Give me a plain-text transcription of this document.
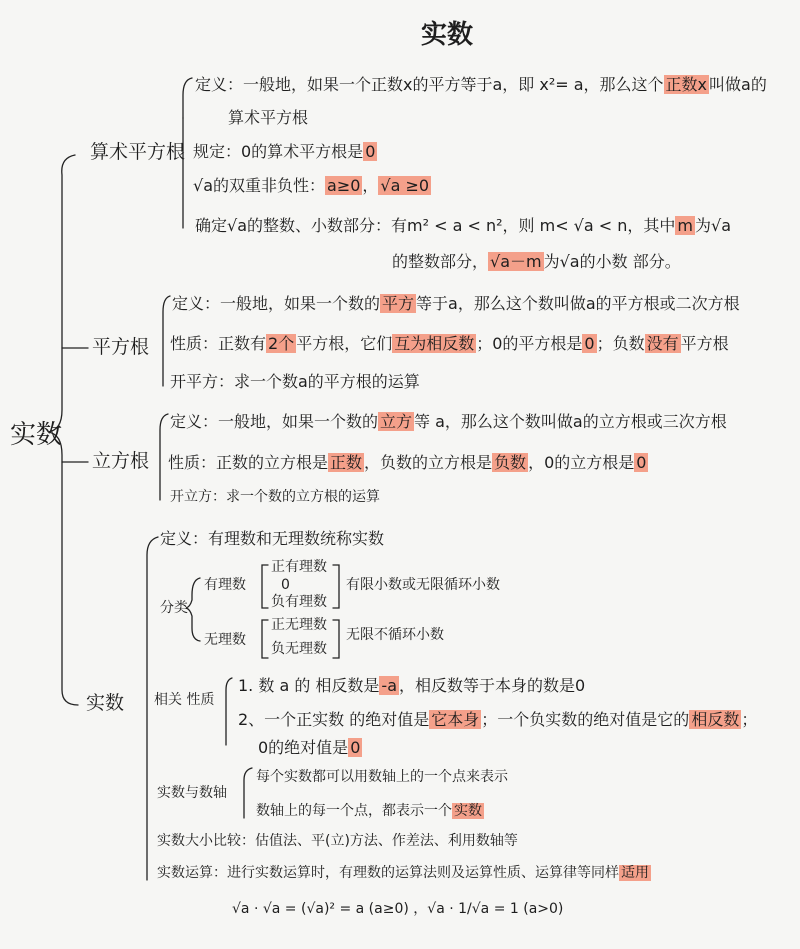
实数
实数
算术平方根
定义：一般地，如果一个正数x的平方等于a，即 x²= a，那么这个 正数x 叫做a的
算术平方根
规定：0的算术平方根是 0
√a的双重非负性： a≥0 ， √a ≥0
确定√a的整数、小数部分：有m² < a < n²，则 m< √a < n，其中 m 为√a
的整数部分， √a－m 为√a的小数 部分。
平方根
定义：一般地，如果一个数的 平方 等于a，那么这个数叫做a的平方根或二次方根
性质：正数有 2个 平方根，它们 互为相反数 ；0的平方根是 0 ；负数 没有 平方根
开平方：求一个数a的平方根的运算
立方根
定义：一般地，如果一个数的 立方 等 a，那么这个数叫做a的立方根或三次方根
性质：正数的立方根是 正数 ，负数的立方根是 负数 ，0的立方根是 0
开立方：求一个数的立方根的运算
实数
定义：有理数和无理数统称实数
分类
有理数
正有理数
0
负有理数
有限小数或无限循环小数
无理数
正无理数
负无理数
无限不循环小数
相关 性质
1. 数 a 的 相反数是 -a ，相反数等于本身的数是0
2、一个正实数 的绝对值是 它本身 ；一个负实数的绝对值是它的 相反数 ；
0的绝对值是 0
实数与数轴
每个实数都可以用数轴上的一个点来表示
数轴上的每一个点，都表示一个 实数
实数大小比较：估值法、平(立)方法、作差法、利用数轴等
实数运算：进行实数运算时，有理数的运算法则及运算性质、运算律等同样 适用
√a · √a = (√a)² = a (a≥0) ，√a · 1/√a = 1 (a>0)
